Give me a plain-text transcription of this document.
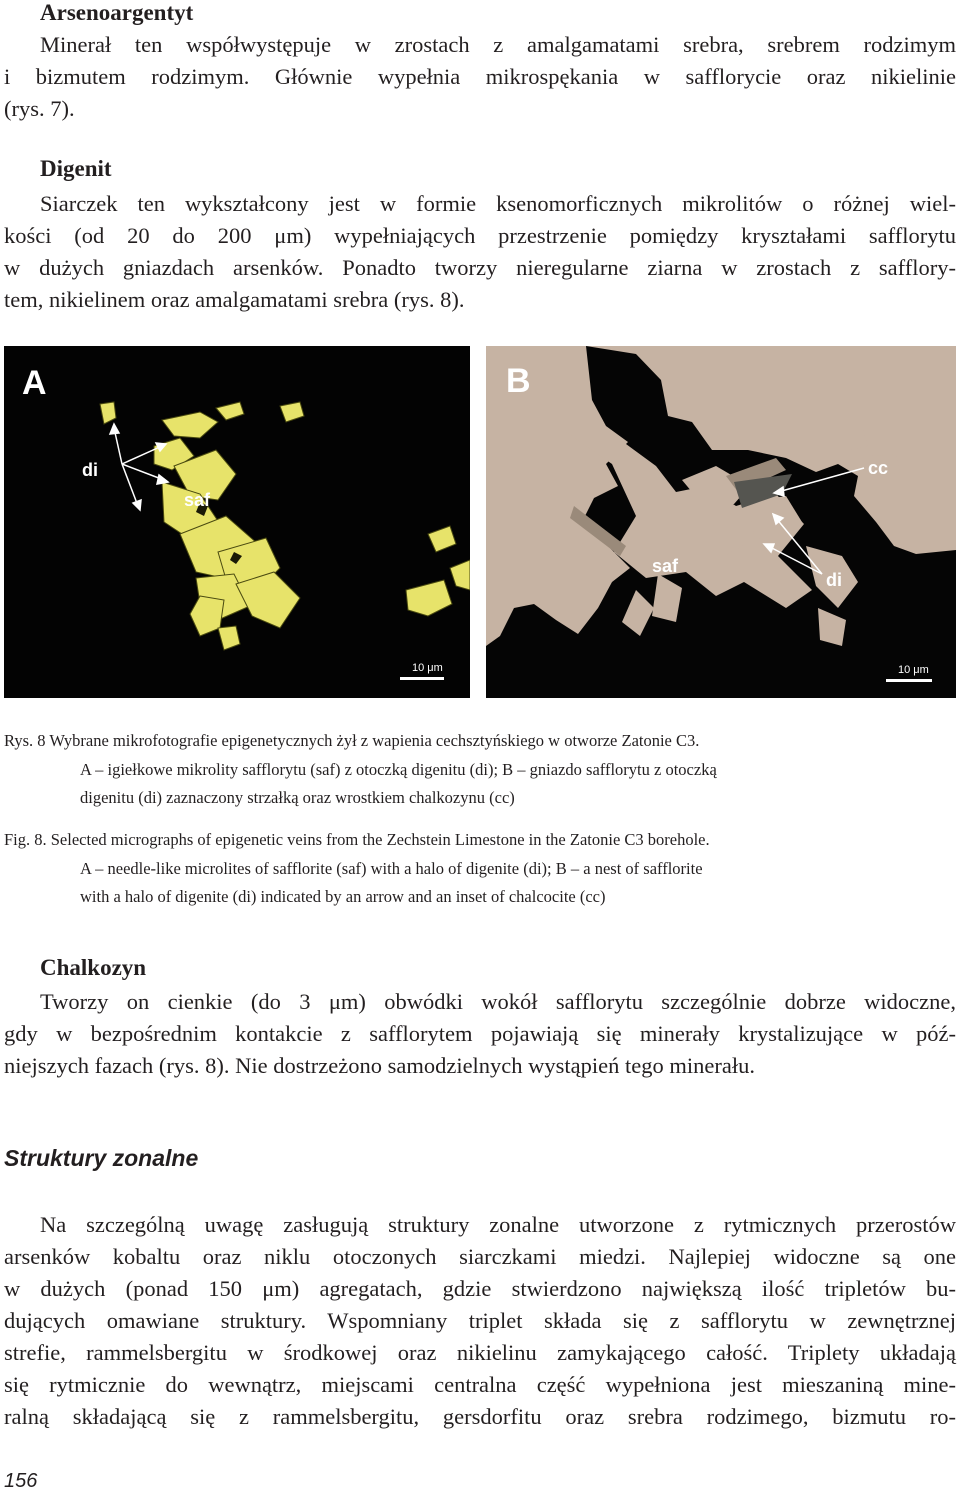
Arsenoargentyt

Minerał ten współwystępuje w zrostach z amalgamatami srebra, srebrem rodzimym
i bizmutem rodzimym. Głównie wypełnia mikrospękania w safflorycie oraz nikielinie
(rys. 7).

Digenit

Siarczek ten wykształcony jest w formie ksenomorficznych mikrolitów o różnej wiel-
kości (od 20 do 200 μm) wypełniających przestrzenie pomiędzy kryształami safflorytu
w dużych gniazdach arsenków. Ponadto tworzy nieregularne ziarna w zrostach z safflory-
tem, nikielinem oraz amalgamatami srebra (rys. 8).

A
di
saf
10 μm
B
saf
cc
di
10 μm

Rys. 8 Wybrane mikrofotografie epigenetycznych żył z wapienia cechsztyńskiego w otworze Zatonie C3.
A – igiełkowe mikrolity safflorytu (saf) z otoczką digenitu (di); B – gniazdo safflorytu z otoczką
digenitu (di) zaznaczony strzałką oraz wrostkiem chalkozynu (cc)

Fig. 8. Selected micrographs of epigenetic veins from the Zechstein Limestone in the Zatonie C3 borehole.
A – needle-like microlites of safflorite (saf) with a halo of digenite (di); B – a nest of safflorite
with a halo of digenite (di) indicated by an arrow and an inset of chalcocite (cc)

Chalkozyn

Tworzy on cienkie (do 3 μm) obwódki wokół safflorytu szczególnie dobrze widoczne,
gdy w bezpośrednim kontakcie z safflorytem pojawiają się minerały krystalizujące w póź-
niejszych fazach (rys. 8). Nie dostrzeżono samodzielnych wystąpień tego minerału.

Struktury zonalne

Na szczególną uwagę zasługują struktury zonalne utworzone z rytmicznych przerostów
arsenków kobaltu oraz niklu otoczonych siarczkami miedzi. Najlepiej widoczne są one
w dużych (ponad 150 μm) agregatach, gdzie stwierdzono największą ilość tripletów bu-
dujących omawiane struktury. Wspomniany triplet składa się z safflorytu w zewnętrznej
strefie, rammelsbergitu w środkowej oraz nikielinu zamykającego całość. Triplety układają
się rytmicznie do wewnątrz, miejscami centralna część wypełniona jest mieszaniną mine-
ralną składającą się z rammelsbergitu, gersdorfitu oraz srebra rodzimego, bizmutu ro-

156
